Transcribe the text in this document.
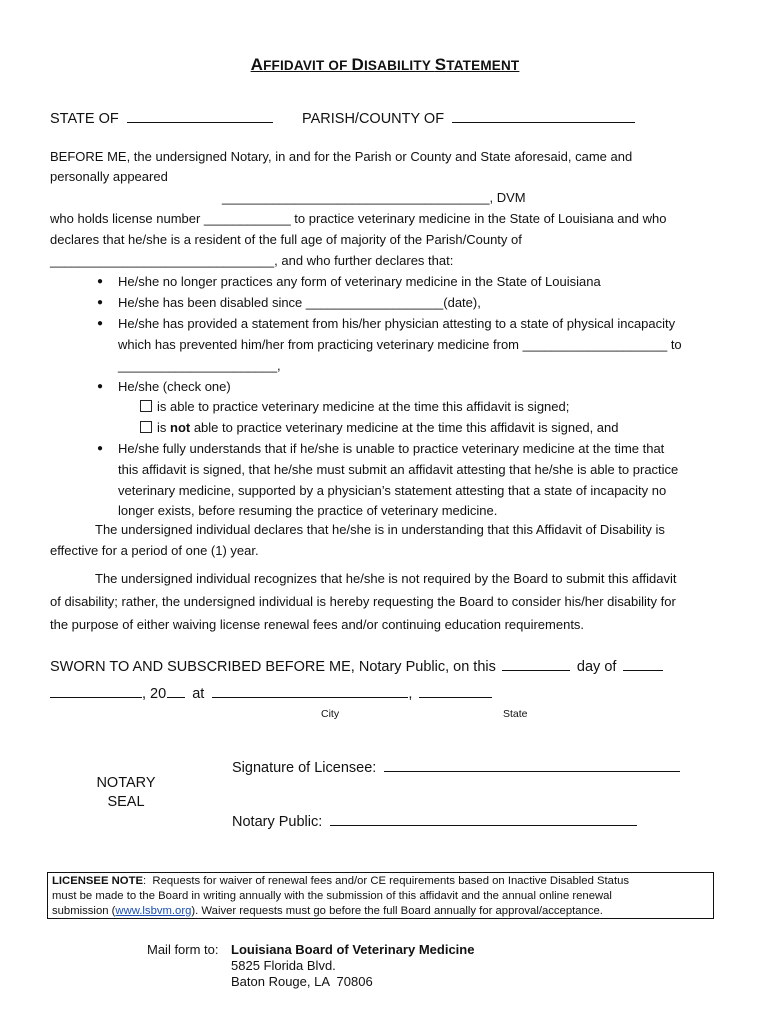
AFFIDAVIT OF DISABILITY STATEMENT
STATE OF	PARISH/COUNTY OF
BEFORE ME, the undersigned Notary, in and for the Parish or County and State aforesaid, came and
personally appeared
_____________________________________, DVM
who holds license number ____________ to practice veterinary medicine in the State of Louisiana and who
declares that he/she is a resident of the full age of majority of the Parish/County of
_______________________________, and who further declares that:
● He/she no longer practices any form of veterinary medicine in the State of Louisiana
● He/she has been disabled since ___________________(date),
● He/she has provided a statement from his/her physician attesting to a state of physical incapacity
which has prevented him/her from practicing veterinary medicine from ____________________ to
______________________,
● He/she (check one)
is able to practice veterinary medicine at the time this affidavit is signed;
is not able to practice veterinary medicine at the time this affidavit is signed, and
● He/she fully understands that if he/she is unable to practice veterinary medicine at the time that
this affidavit is signed, that he/she must submit an affidavit attesting that he/she is able to practice
veterinary medicine, supported by a physician’s statement attesting that a state of incapacity no
longer exists, before resuming the practice of veterinary medicine.
The undersigned individual declares that he/she is in understanding that this Affidavit of Disability is
effective for a period of one (1) year.
The undersigned individual recognizes that he/she is not required by the Board to submit this affidavit
of disability; rather, the undersigned individual is hereby requesting the Board to consider his/her disability for
the purpose of either waiving license renewal fees and/or continuing education requirements.
SWORN TO AND SUBSCRIBED BEFORE ME, Notary Public, on this	day of
, 20 at	,
City	State
Signature of Licensee:
NOTARY
SEAL
Notary Public:
LICENSEE NOTE:  Requests for waiver of renewal fees and/or CE requirements based on Inactive Disabled Status
must be made to the Board in writing annually with the submission of this affidavit and the annual online renewal
submission (www.lsbvm.org). Waiver requests must go before the full Board annually for approval/acceptance.
Mail form to: Louisiana Board of Veterinary Medicine
5825 Florida Blvd.
Baton Rouge, LA  70806
